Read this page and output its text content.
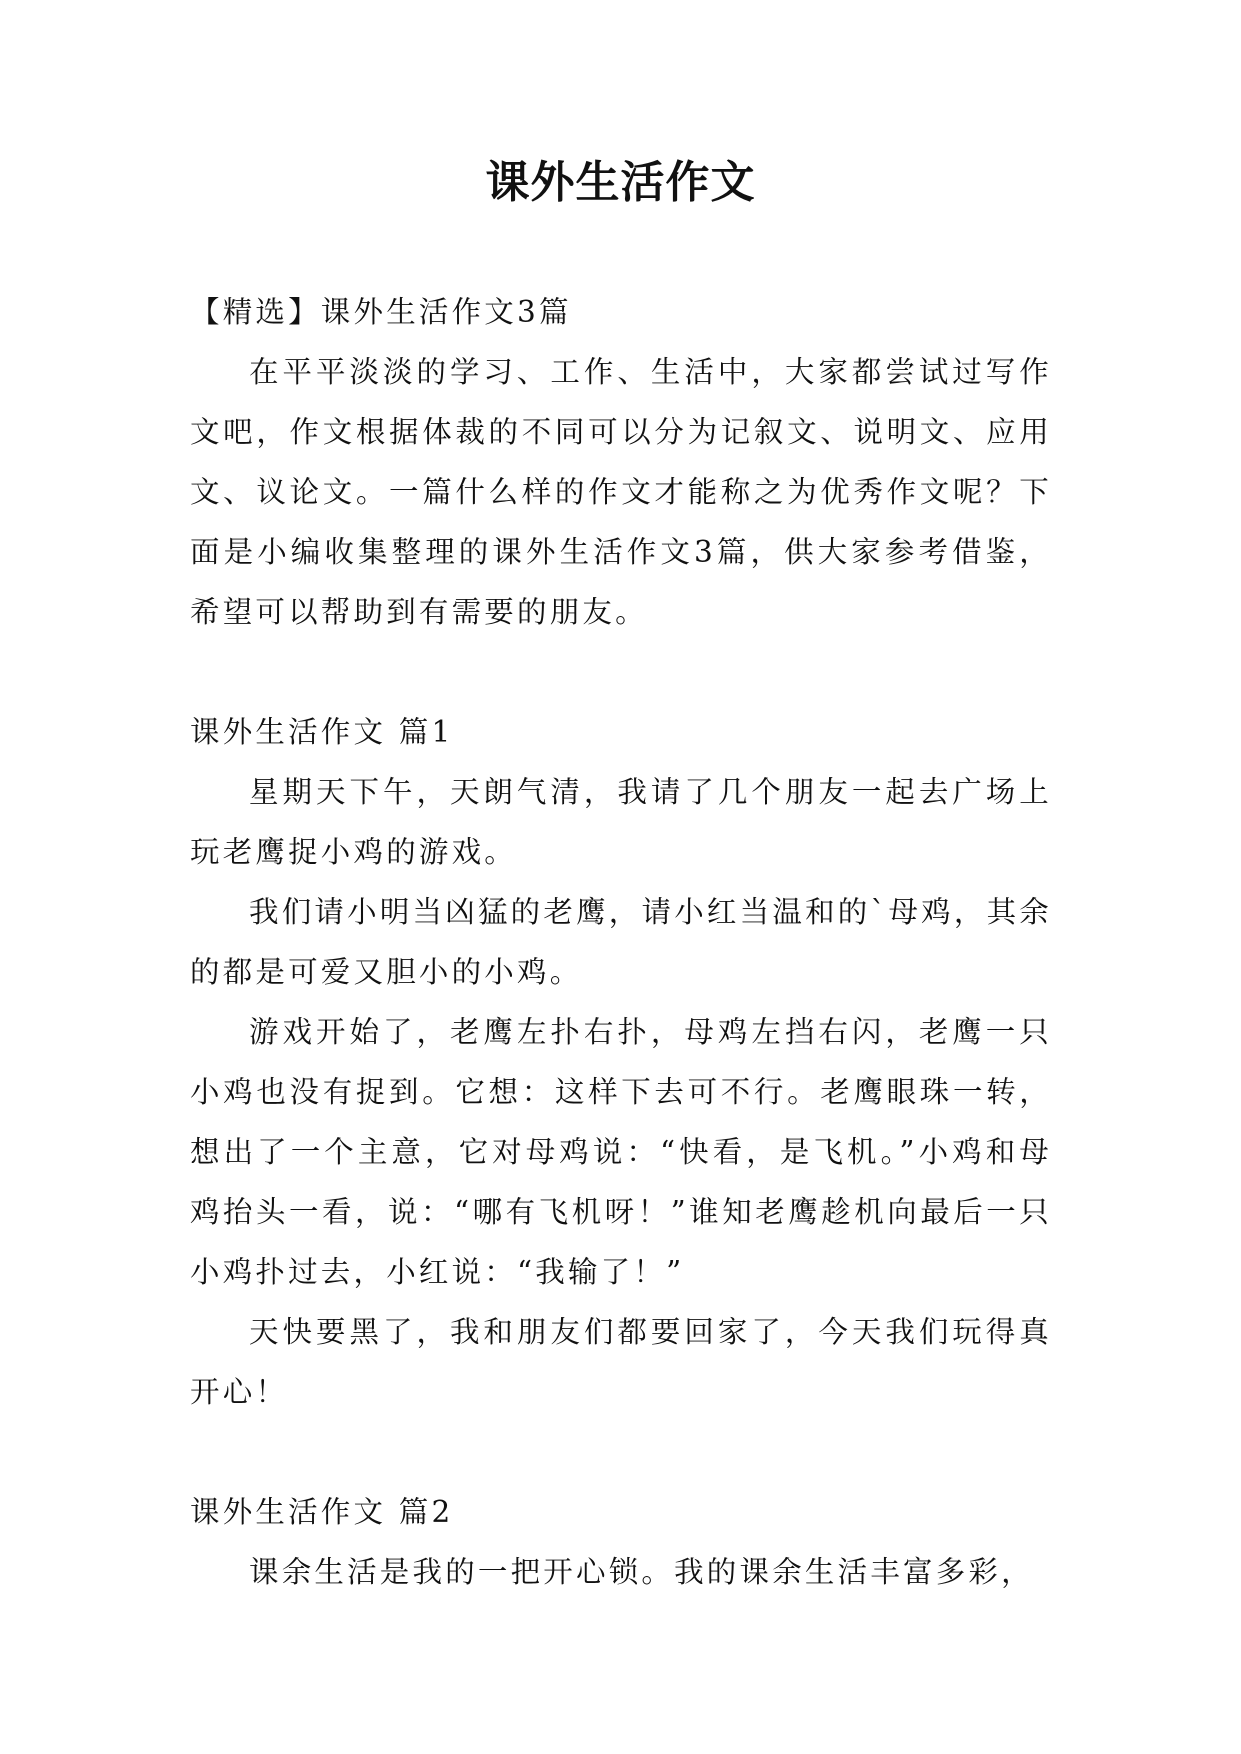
课外生活作文

【精选】课外生活作文3篇

在平平淡淡的学习、工作、生活中，大家都尝试过写作文吧，作文根据体裁的不同可以分为记叙文、说明文、应用文、议论文。一篇什么样的作文才能称之为优秀作文呢？下面是小编收集整理的课外生活作文3篇，供大家参考借鉴，希望可以帮助到有需要的朋友。

课外生活作文 篇1

星期天下午，天朗气清，我请了几个朋友一起去广场上玩老鹰捉小鸡的游戏。

我们请小明当凶猛的老鹰，请小红当温和的`母鸡，其余的都是可爱又胆小的小鸡。

游戏开始了，老鹰左扑右扑，母鸡左挡右闪，老鹰一只小鸡也没有捉到。它想：这样下去可不行。老鹰眼珠一转，想出了一个主意，它对母鸡说：“快看，是飞机。”小鸡和母鸡抬头一看，说：“哪有飞机呀！”谁知老鹰趁机向最后一只小鸡扑过去，小红说：“我输了！”

天快要黑了，我和朋友们都要回家了，今天我们玩得真开心！

课外生活作文 篇2

课余生活是我的一把开心锁。我的课余生活丰富多彩，
